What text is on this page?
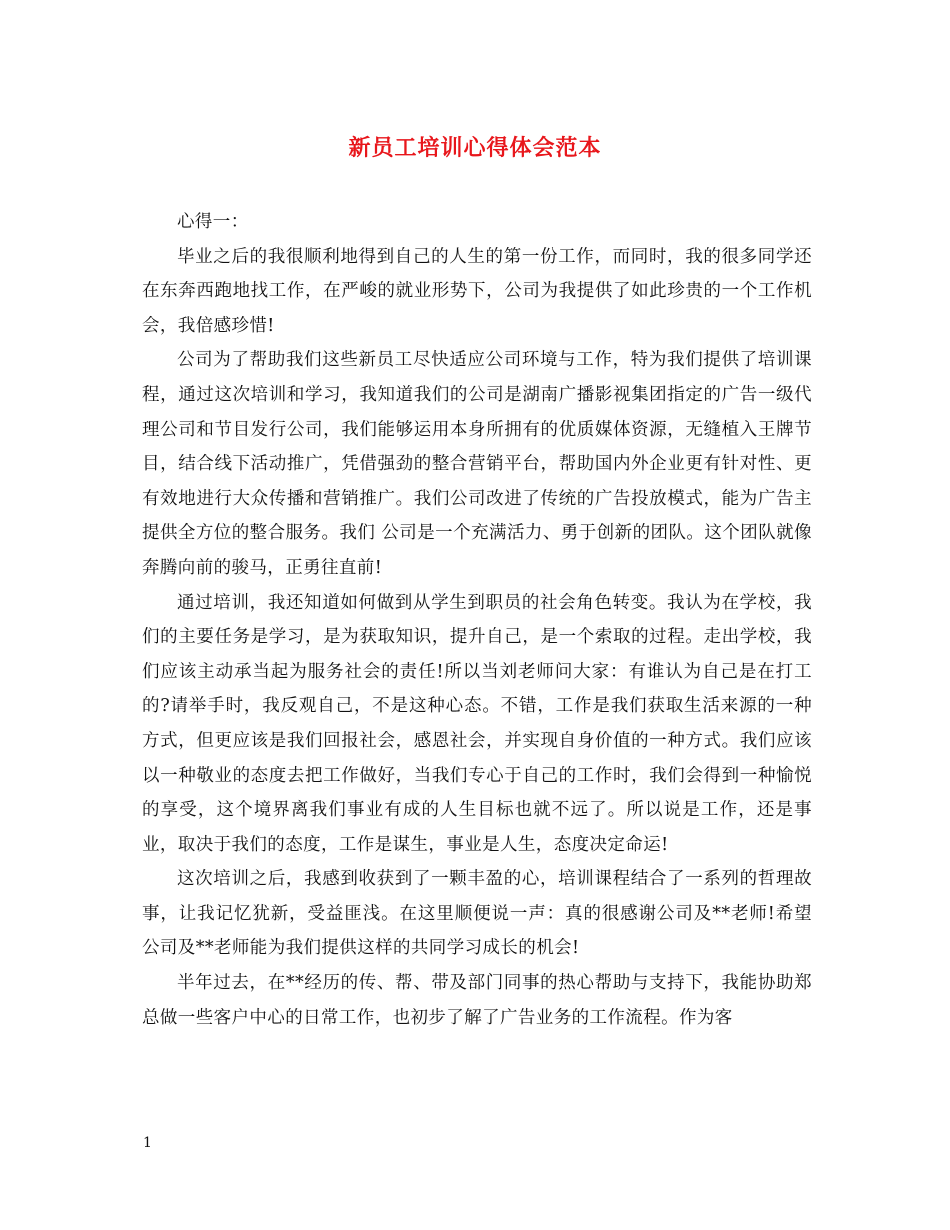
新员工培训心得体会范本

心得一：

毕业之后的我很顺利地得到自己的人生的第一份工作，而同时，我的很多同学还在东奔西跑地找工作，在严峻的就业形势下，公司为我提供了如此珍贵的一个工作机会，我倍感珍惜!

公司为了帮助我们这些新员工尽快适应公司环境与工作，特为我们提供了培训课程，通过这次培训和学习，我知道我们的公司是湖南广播影视集团指定的广告一级代理公司和节目发行公司，我们能够运用本身所拥有的优质媒体资源，无缝植入王牌节目，结合线下活动推广，凭借强劲的整合营销平台，帮助国内外企业更有针对性、更有效地进行大众传播和营销推广。我们公司改进了传统的广告投放模式，能为广告主提供全方位的整合服务。我们 公司是一个充满活力、勇于创新的团队。这个团队就像奔腾向前的骏马，正勇往直前!

通过培训，我还知道如何做到从学生到职员的社会角色转变。我认为在学校，我们的主要任务是学习，是为获取知识，提升自己，是一个索取的过程。走出学校，我们应该主动承当起为服务社会的责任!所以当刘老师问大家：有谁认为自己是在打工的?请举手时，我反观自己，不是这种心态。不错，工作是我们获取生活来源的一种方式，但更应该是我们回报社会，感恩社会，并实现自身价值的一种方式。我们应该以一种敬业的态度去把工作做好，当我们专心于自己的工作时，我们会得到一种愉悦的享受，这个境界离我们事业有成的人生目标也就不远了。所以说是工作，还是事业，取决于我们的态度，工作是谋生，事业是人生，态度决定命运!

这次培训之后，我感到收获到了一颗丰盈的心，培训课程结合了一系列的哲理故事，让我记忆犹新，受益匪浅。在这里顺便说一声：真的很感谢公司及**老师!希望公司及**老师能为我们提供这样的共同学习成长的机会!

半年过去，在**经历的传、帮、带及部门同事的热心帮助与支持下，我能协助郑总做一些客户中心的日常工作，也初步了解了广告业务的工作流程。作为客

1
